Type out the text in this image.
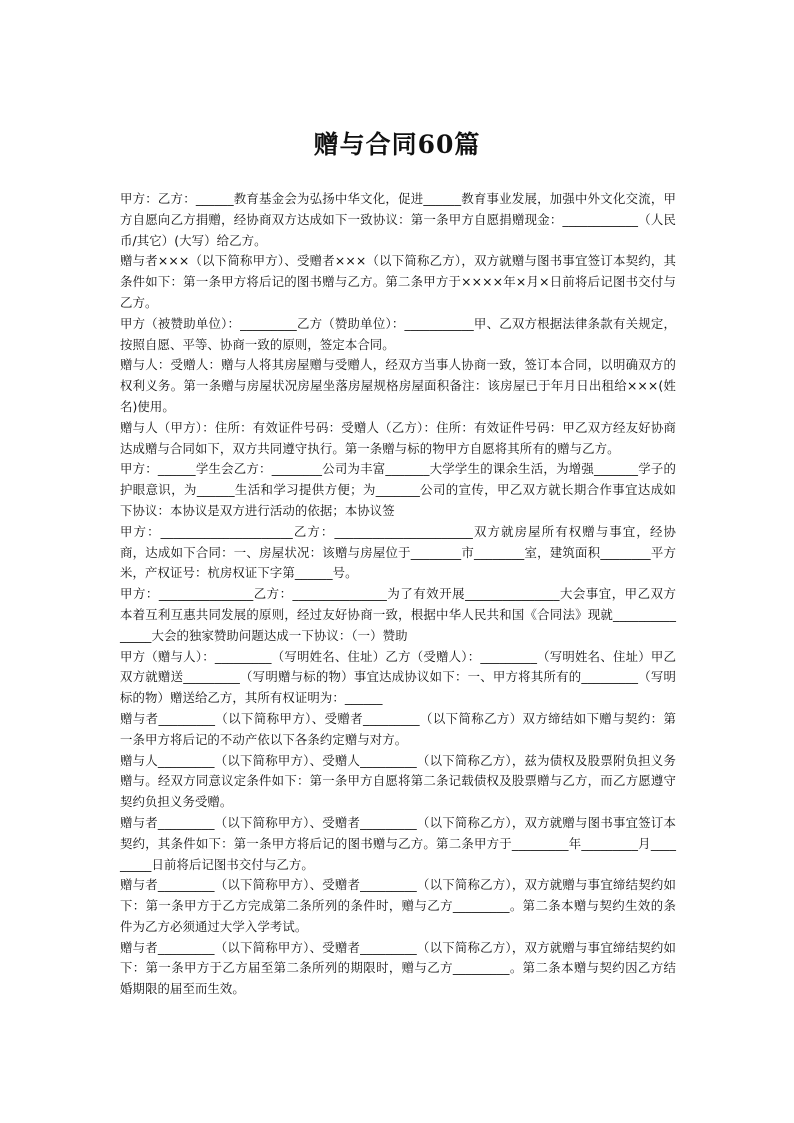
赠与合同60篇

甲方：乙方：______教育基金会为弘扬中华文化，促进______教育事业发展，加强中外文化交流，甲方自愿向乙方捐赠，经协商双方达成如下一致协议：第一条甲方自愿捐赠现金：____________（人民币/其它）(大写）给乙方。

赠与者×××（以下简称甲方）、受赠者×××（以下简称乙方），双方就赠与图书事宜签订本契约，其条件如下：第一条甲方将后记的图书赠与乙方。第二条甲方于××××年×月×日前将后记图书交付与乙方。

甲方（被赞助单位）：_________乙方（赞助单位）：___________甲、乙双方根据法律条款有关规定，按照自愿、平等、协商一致的原则，签定本合同。

赠与人：受赠人：赠与人将其房屋赠与受赠人，经双方当事人协商一致，签订本合同，以明确双方的权利义务。第一条赠与房屋状况房屋坐落房屋规格房屋面积备注：该房屋已于年月日出租给×××(姓名)使用。

赠与人（甲方）：住所：有效证件号码：受赠人（乙方）：住所：有效证件号码：甲乙双方经友好协商达成赠与合同如下，双方共同遵守执行。第一条赠与标的物甲方自愿将其所有的赠与乙方。

甲方：______学生会乙方：________公司为丰富_______大学学生的课余生活，为增强_______学子的护眼意识，为______生活和学习提供方便；为_______公司的宣传，甲乙双方就长期合作事宜达成如下协议：本协议是双方进行活动的依据；本协议签

甲方：_____________________乙方：______________________双方就房屋所有权赠与事宜，经协商，达成如下合同：一、房屋状况：该赠与房屋位于________市________室，建筑面积________平方米，产权证号：杭房权证下字第______号。

甲方：_______________乙方：_______________为了有效开展_______________大会事宜，甲乙双方本着互利互惠共同发展的原则，经过友好协商一致，根据中华人民共和国《合同法》现就_______________大会的独家赞助问题达成一下协议：（一）赞助

甲方（赠与人）：_________（写明姓名、住址）乙方（受赠人）：_________（写明姓名、住址）甲乙双方就赠送_________（写明赠与标的物）事宜达成协议如下：一、甲方将其所有的_________（写明标的物）赠送给乙方，其所有权证明为：______

赠与者_________（以下简称甲方）、受赠者_________（以下简称乙方）双方缔结如下赠与契约：第一条甲方将后记的不动产依以下各条约定赠与对方。

赠与人_________（以下简称甲方）、受赠人_________（以下简称乙方），兹为债权及股票附负担义务赠与。经双方同意议定条件如下：第一条甲方自愿将第二条记载债权及股票赠与乙方，而乙方愿遵守契约负担义务受赠。

赠与者_________（以下简称甲方）、受赠者_________（以下简称乙方），双方就赠与图书事宜签订本契约，其条件如下：第一条甲方将后记的图书赠与乙方。第二条甲方于_________年_________月_________日前将后记图书交付与乙方。

赠与者_________（以下简称甲方）、受赠者_________（以下简称乙方），双方就赠与事宜缔结契约如下：第一条甲方于乙方完成第二条所列的条件时，赠与乙方_________。第二条本赠与契约生效的条件为乙方必须通过大学入学考试。

赠与者_________（以下简称甲方）、受赠者_________（以下简称乙方），双方就赠与事宜缔结契约如下：第一条甲方于乙方届至第二条所列的期限时，赠与乙方_________。第二条本赠与契约因乙方结婚期限的届至而生效。
